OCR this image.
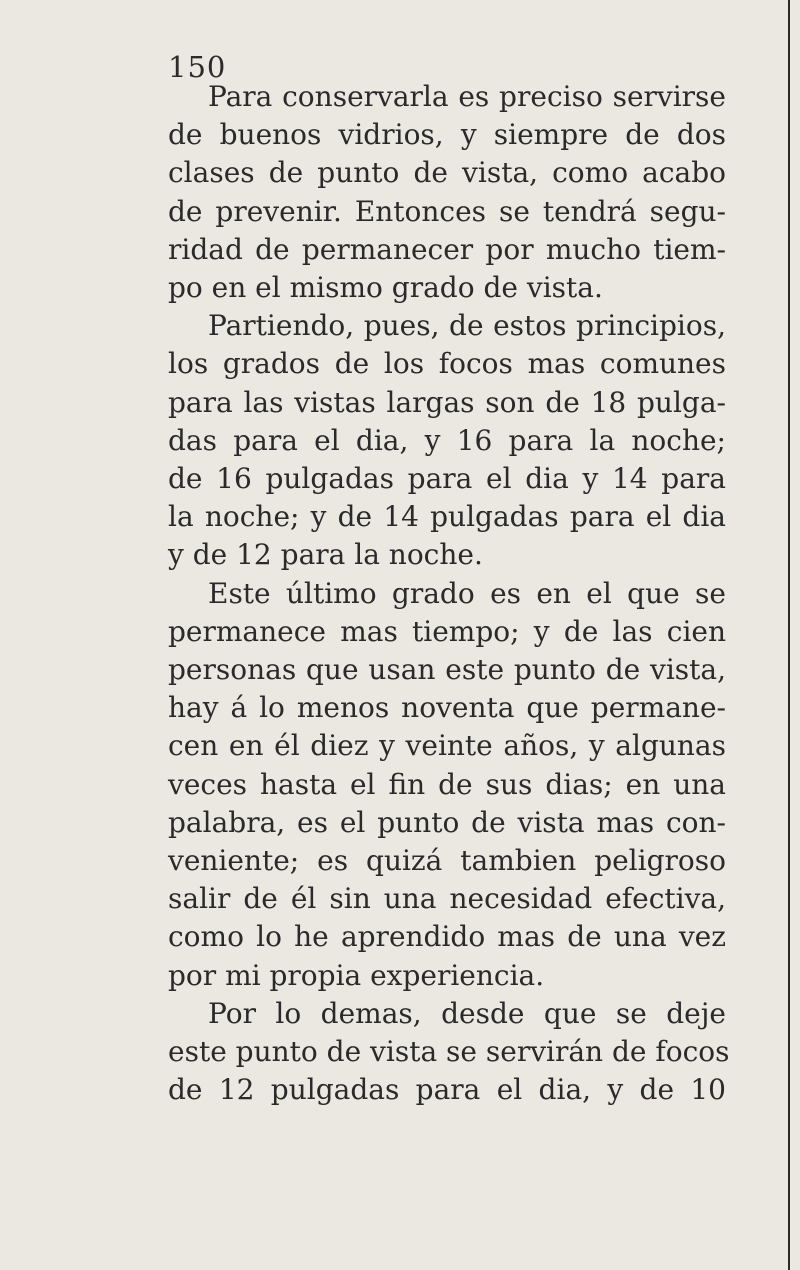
150
Para conservarla es preciso servirse
de buenos vidrios, y siempre de dos
clases de punto de vista, como acabo
de prevenir. Entonces se tendrá segu-
ridad de permanecer por mucho tiem-
po en el mismo grado de vista.
Partiendo, pues, de estos principios,
los grados de los focos mas comunes
para las vistas largas son de 18 pulga-
das para el dia, y 16 para la noche;
de 16 pulgadas para el dia y 14 para
la noche; y de 14 pulgadas para el dia
y de 12 para la noche.
Este último grado es en el que se
permanece mas tiempo; y de las cien
personas que usan este punto de vista,
hay á lo menos noventa que permane-
cen en él diez y veinte años, y algunas
veces hasta el fin de sus dias; en una
palabra, es el punto de vista mas con-
veniente; es quizá tambien peligroso
salir de él sin una necesidad efectiva,
como lo he aprendido mas de una vez
por mi propia experiencia.
Por lo demas, desde que se deje
este punto de vista se servirán de focos
de 12 pulgadas para el dia, y de 10
